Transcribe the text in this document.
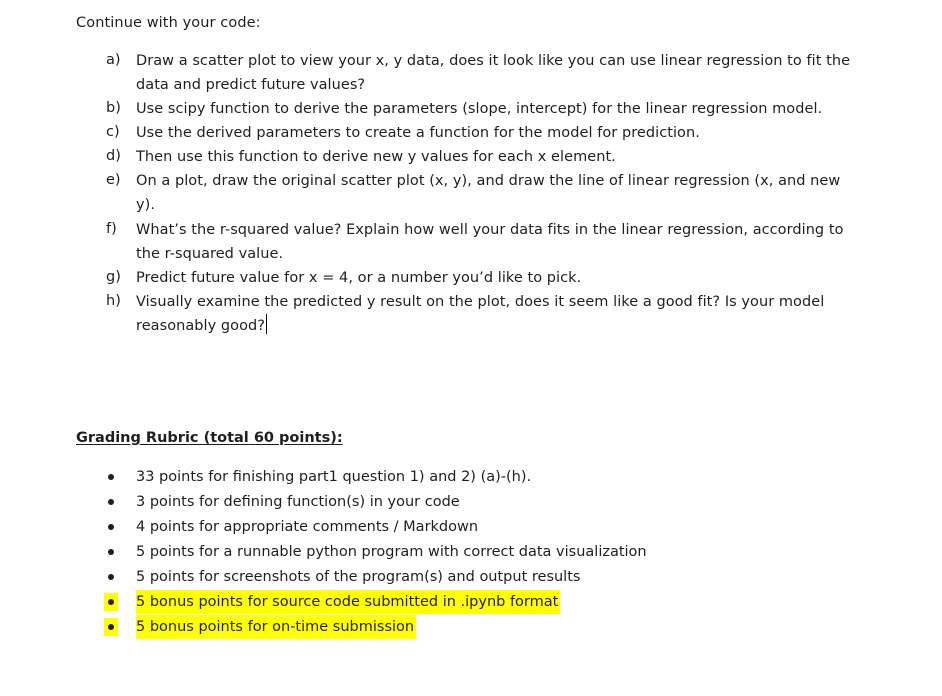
Continue with your code:
a)	Draw a scatter plot to view your x, y data, does it look like you can use linear regression to fit the data and predict future values?
b)	Use scipy function to derive the parameters (slope, intercept) for the linear regression model.
c)	Use the derived parameters to create a function for the model for prediction.
d)	Then use this function to derive new y values for each x element.
e)	On a plot, draw the original scatter plot (x, y), and draw the line of linear regression (x, and new y).
f)	What’s the r-squared value? Explain how well your data fits in the linear regression, according to the r-squared value.
g)	Predict future value for x = 4, or a number you’d like to pick.
h)	Visually examine the predicted y result on the plot, does it seem like a good fit? Is your model reasonably good?
Grading Rubric (total 60 points):
33 points for finishing part1 question 1) and 2) (a)-(h).
3 points for defining function(s) in your code
4 points for appropriate comments / Markdown
5 points for a runnable python program with correct data visualization
5 points for screenshots of the program(s) and output results
5 bonus points for source code submitted in .ipynb format
5 bonus points for on-time submission
